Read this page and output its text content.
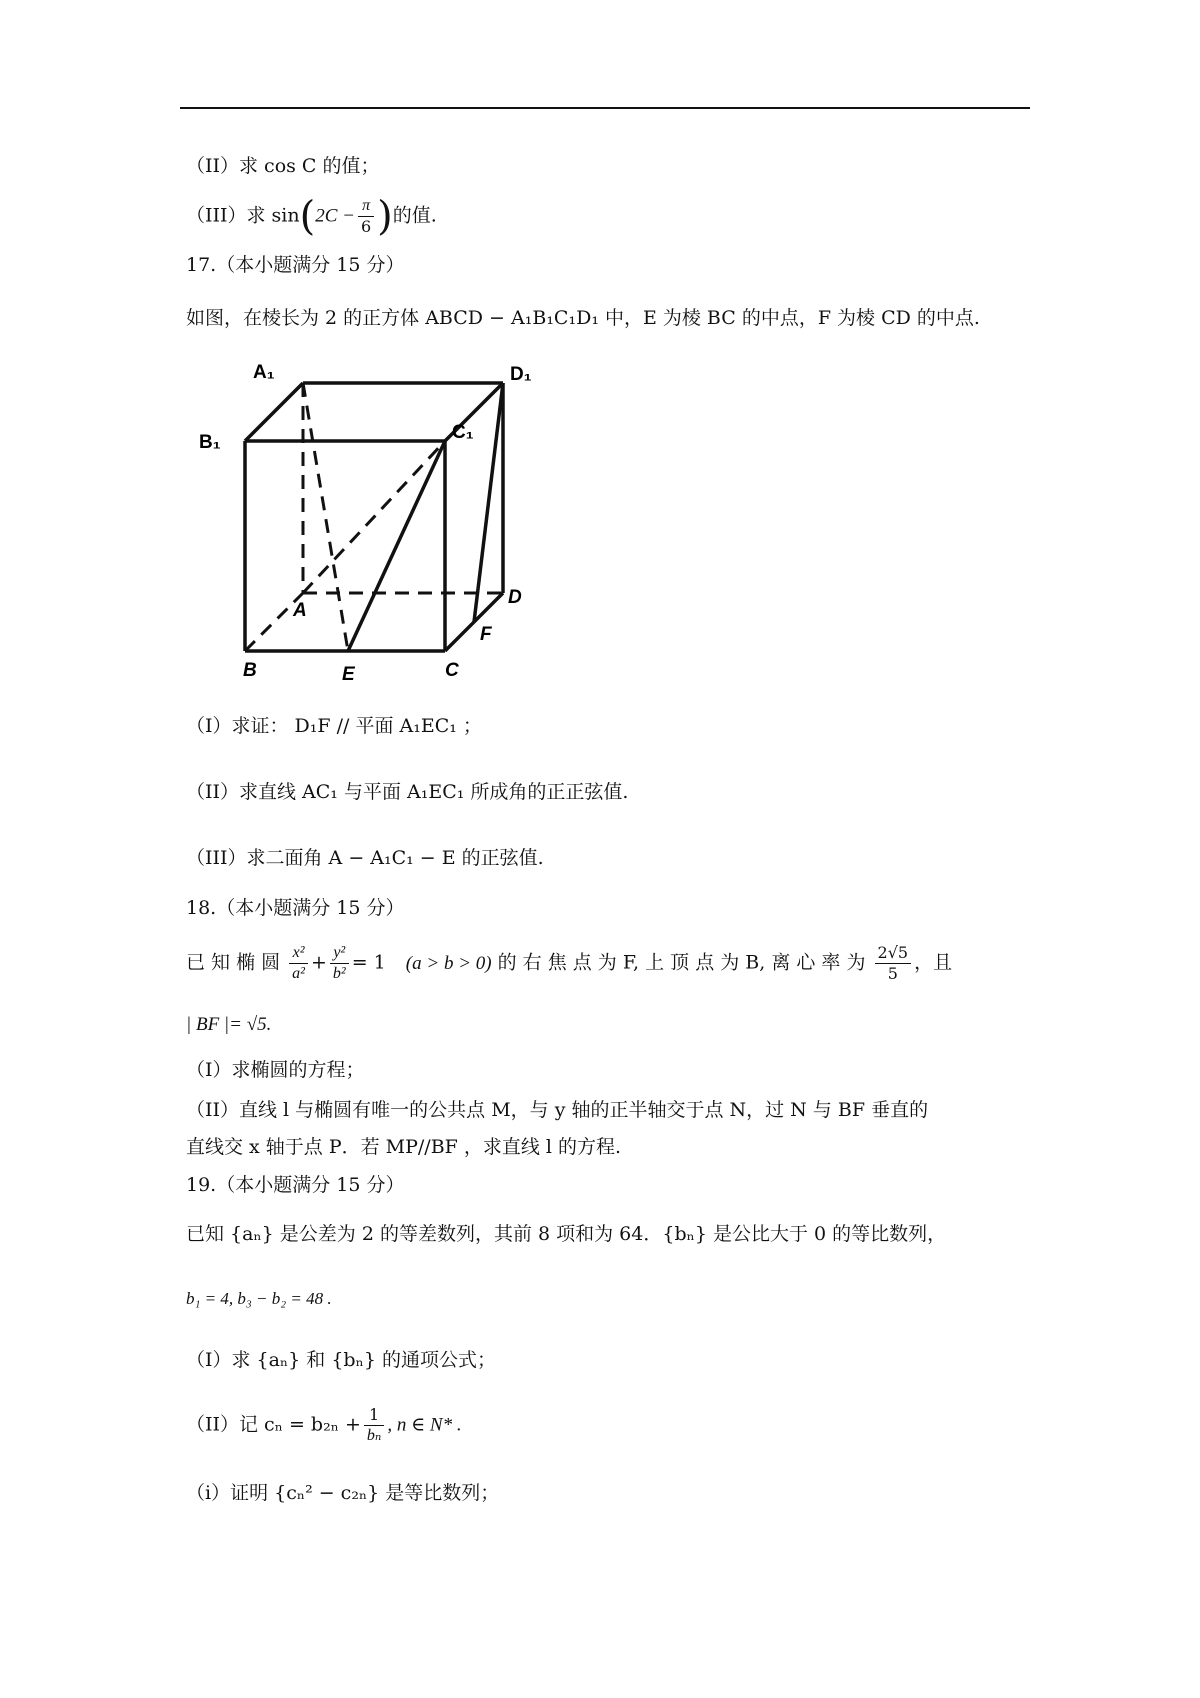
（II）求 cos C 的值；
（III）求 $\sin(2C - \frac{\pi}{6}$ )的值.
17.（本小题满分 15 分）
如图，在棱长为 2 的正方体 ABCD − A₁B₁C₁D₁ 中，E 为棱 BC 的中点，F 为棱 CD 的中点.
A₁	D₁
B₁	C₁
A
D
F
B	E	C
（I）求证： D₁F // 平面 A₁EC₁ ；
（II）求直线 AC₁ 与平面 A₁EC₁ 所成角的正正弦值.
（III）求二面角 A − A₁C₁ − E 的正弦值.
18.（本小题满分 15 分）
已 知 椭 圆 $\frac{\text{x²}}{\text{a²}} + \frac{\text{y²}}{\text{b²}} = 1$ (a > b > 0) 的 右 焦 点 为 F, 上 顶 点 为 B, 离 心 率 为 $\frac{2√5}{5}$ ，且
| BF |= √5.
（I）求椭圆的方程；
（II）直线 l 与椭圆有唯一的公共点 M，与 y 轴的正半轴交于点 N，过 N 与 BF 垂直的
直线交 x 轴于点 P．若 MP//BF ，求直线 l 的方程.
19.（本小题满分 15 分）
已知 {aₙ} 是公差为 2 的等差数列，其前 8 项和为 64．{bₙ} 是公比大于 0 的等比数列，
b₁ = 4, b₃ − b₂ = 48 .
（I）求 {aₙ} 和 {bₙ} 的通项公式；
（II）记 $c_n = b_{2n} + \frac{1}{\text{bₙ}}$ , n ∈ N* .
（i）证明 {cₙ² − c₂ₙ} 是等比数列；
